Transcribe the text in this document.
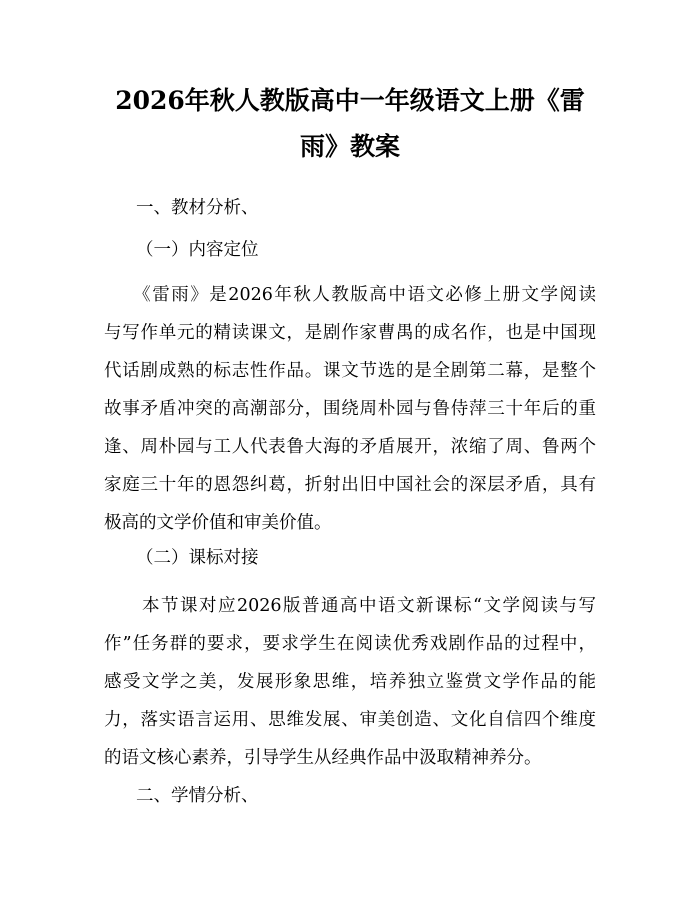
2026年秋人教版高中一年级语文上册《雷
雨》教案

一、教材分析、

（一）内容定位

　　《雷雨》是2026年秋人教版高中语文必修上册文学阅读
与写作单元的精读课文，是剧作家曹禺的成名作，也是中国现
代话剧成熟的标志性作品。课文节选的是全剧第二幕，是整个
故事矛盾冲突的高潮部分，围绕周朴园与鲁侍萍三十年后的重
逢、周朴园与工人代表鲁大海的矛盾展开，浓缩了周、鲁两个
家庭三十年的恩怨纠葛，折射出旧中国社会的深层矛盾，具有
极高的文学价值和审美价值。

（二）课标对接

　　本节课对应2026版普通高中语文新课标“文学阅读与写
作”任务群的要求，要求学生在阅读优秀戏剧作品的过程中，
感受文学之美，发展形象思维，培养独立鉴赏文学作品的能
力，落实语言运用、思维发展、审美创造、文化自信四个维度
的语文核心素养，引导学生从经典作品中汲取精神养分。

二、学情分析、
